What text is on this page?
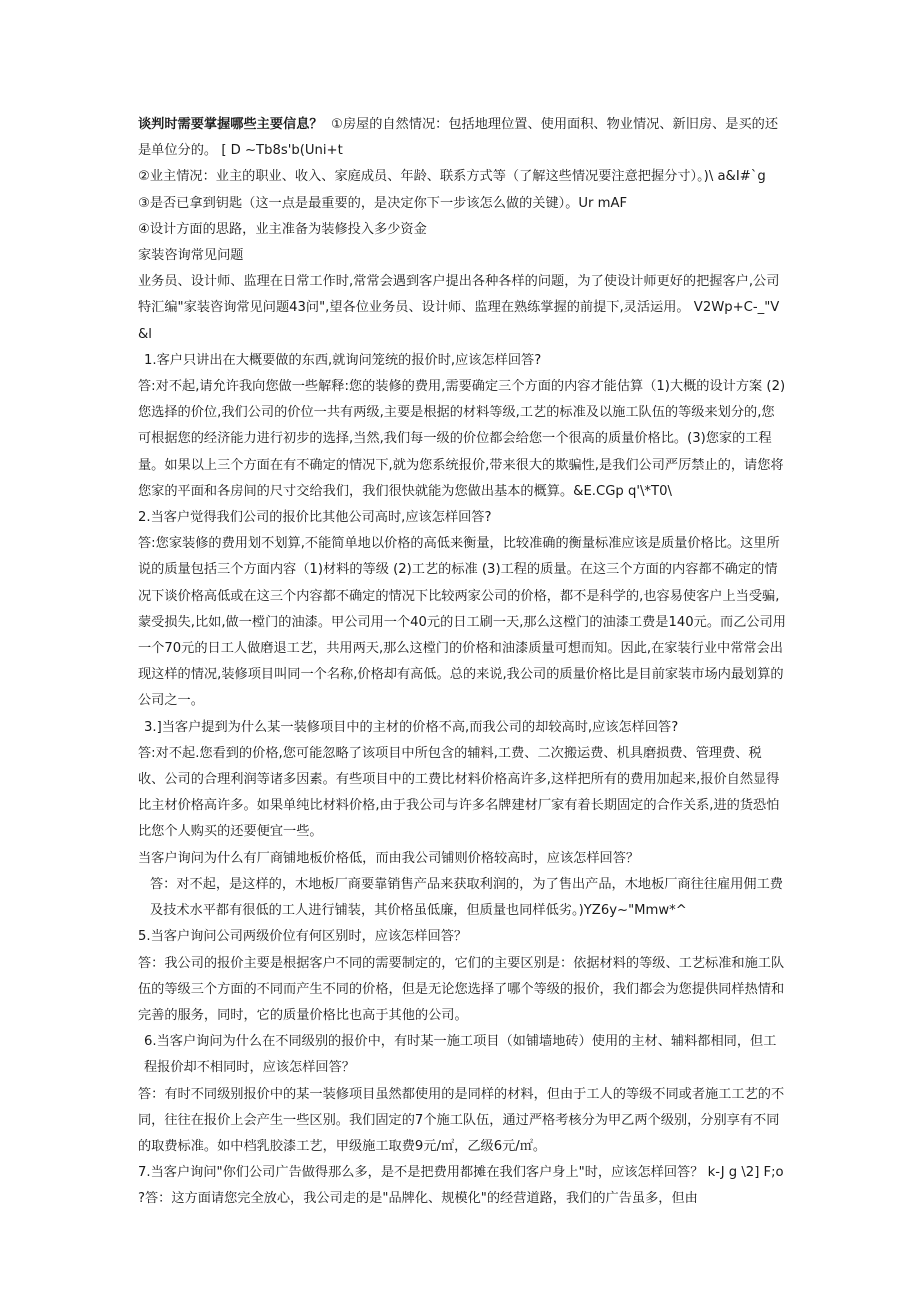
谈判时需要掌握哪些主要信息？ ①房屋的自然情况：包括地理位置、使用面积、物业情况、新旧房、是买的还是单位分的。 [ D ~Tb8s'b(Uni+t

②业主情况：业主的职业、收入、家庭成员、年龄、联系方式等（了解这些情况要注意把握分寸）。)\ a&I#`g

③是否已拿到钥匙（这一点是最重要的，是决定你下一步该怎么做的关键）。Ur mAF

④设计方面的思路，业主准备为装修投入多少资金

家装咨询常见问题

业务员、设计师、监理在日常工作时,常常会遇到客户提出各种各样的问题，为了使设计师更好的把握客户,公司特汇编"家装咨询常见问题43问",望各位业务员、设计师、监理在熟练掌握的前提下,灵活运用。 V2Wp+C-_"V&l

1.客户只讲出在大概要做的东西,就询问笼统的报价时,应该怎样回答?

答:对不起,请允许我向您做一些解释:您的装修的费用,需要确定三个方面的内容才能估算（1)大概的设计方案 (2)您选择的价位,我们公司的价位一共有两级,主要是根据的材料等级,工艺的标准及以施工队伍的等级来划分的,您可根据您的经济能力进行初步的选择,当然,我们每一级的价位都会给您一个很高的质量价格比。(3)您家的工程量。如果以上三个方面在有不确定的情况下,就为您系统报价,带来很大的欺骗性,是我们公司严厉禁止的，请您将您家的平面和各房间的尺寸交给我们，我们很快就能为您做出基本的概算。&E.CGp q'\*T0\

2.当客户觉得我们公司的报价比其他公司高时,应该怎样回答?

答:您家装修的费用划不划算,不能简单地以价格的高低来衡量，比较准确的衡量标准应该是质量价格比。这里所说的质量包括三个方面内容（1)材料的等级 (2)工艺的标准 (3)工程的质量。在这三个方面的内容都不确定的情况下谈价格高低或在这三个内容都不确定的情况下比较两家公司的价格，都不是科学的,也容易使客户上当受骗,蒙受损失,比如,做一樘门的油漆。甲公司用一个40元的日工刷一天,那么这樘门的油漆工费是140元。而乙公司用一个70元的日工人做磨退工艺，共用两天,那么这樘门的价格和油漆质量可想而知。因此,在家装行业中常常会出现这样的情况,装修项目叫同一个名称,价格却有高低。总的来说,我公司的质量价格比是目前家装市场内最划算的公司之一。

3.]当客户提到为什么某一装修项目中的主材的价格不高,而我公司的却较高时,应该怎样回答?

答:对不起.您看到的价格,您可能忽略了该项目中所包含的辅料,工费、二次搬运费、机具磨损费、管理费、税收、公司的合理利润等诸多因素。有些项目中的工费比材料价格高许多,这样把所有的费用加起来,报价自然显得比主材价格高许多。如果单纯比材料价格,由于我公司与许多名牌建材厂家有着长期固定的合作关系,进的货恐怕比您个人购买的还要便宜一些。

当客户询问为什么有厂商铺地板价格低，而由我公司铺则价格较高时，应该怎样回答？

答：对不起，是这样的，木地板厂商要靠销售产品来获取利润的，为了售出产品，木地板厂商往往雇用佣工费及技术水平都有很低的工人进行铺装，其价格虽低廉，但质量也同样低劣。)YZ6y~"Mmw*^

5.当客户询问公司两级价位有何区别时，应该怎样回答？

答：我公司的报价主要是根据客户不同的需要制定的，它们的主要区别是：依据材料的等级、工艺标准和施工队伍的等级三个方面的不同而产生不同的价格，但是无论您选择了哪个等级的报价，我们都会为您提供同样热情和完善的服务，同时，它的质量价格比也高于其他的公司。

6.当客户询问为什么在不同级别的报价中，有时某一施工项目（如铺墙地砖）使用的主材、辅料都相同，但工程报价却不相同时，应该怎样回答？

答：有时不同级别报价中的某一装修项目虽然都使用的是同样的材料，但由于工人的等级不同或者施工工艺的不同，往往在报价上会产生一些区别。我们固定的7个施工队伍，通过严格考核分为甲乙两个级别，分别享有不同的取费标准。如中档乳胶漆工艺，甲级施工取费9元/㎡，乙级6元/㎡。

7.当客户询问"你们公司广告做得那么多，是不是把费用都摊在我们客户身上"时，应该怎样回答？ k-J g \2] F;o ?答：这方面请您完全放心，我公司走的是"品牌化、规模化"的经营道路，我们的广告虽多，但由
